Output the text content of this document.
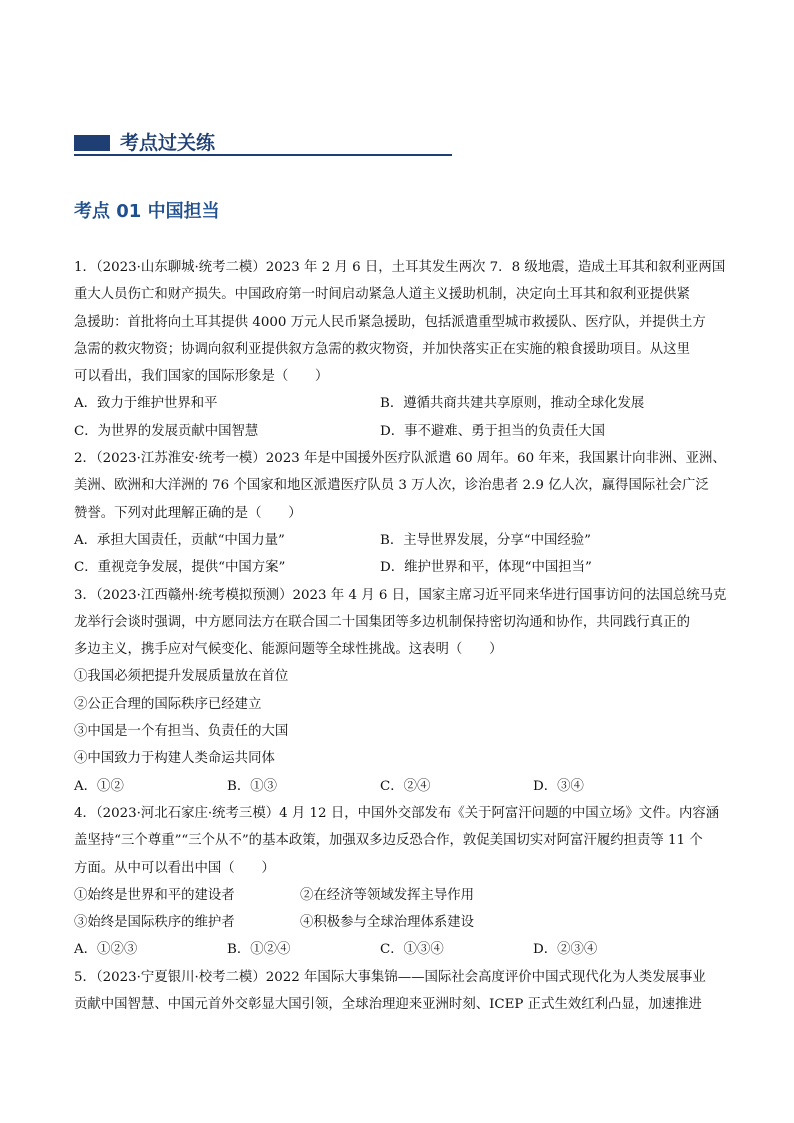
考点过关练
考点 01 中国担当
1．（2023·山东聊城·统考二模）2023 年 2 月 6 日，土耳其发生两次 7．8 级地震，造成土耳其和叙利亚两国
重大人员伤亡和财产损失。中国政府第一时间启动紧急人道主义援助机制，决定向土耳其和叙利亚提供紧
急援助：首批将向土耳其提供 4000 万元人民币紧急援助，包括派遣重型城市救援队、医疗队，并提供土方
急需的救灾物资；协调向叙利亚提供叙方急需的救灾物资，并加快落实正在实施的粮食援助项目。从这里
可以看出，我们国家的国际形象是（　　）
A．致力于维护世界和平	B．遵循共商共建共享原则，推动全球化发展
C．为世界的发展贡献中国智慧	D．事不避难、勇于担当的负责任大国
2．（2023·江苏淮安·统考一模）2023 年是中国援外医疗队派遣 60 周年。60 年来，我国累计向非洲、亚洲、
美洲、欧洲和大洋洲的 76 个国家和地区派遣医疗队员 3 万人次，诊治患者 2.9 亿人次，赢得国际社会广泛
赞誉。下列对此理解正确的是（　　）
A．承担大国责任，贡献“中国力量”	B．主导世界发展，分享“中国经验”
C．重视竞争发展，提供“中国方案”	D．维护世界和平，体现“中国担当”
3．（2023·江西赣州·统考模拟预测）2023 年 4 月 6 日，国家主席习近平同来华进行国事访问的法国总统马克
龙举行会谈时强调，中方愿同法方在联合国二十国集团等多边机制保持密切沟通和协作，共同践行真正的
多边主义，携手应对气候变化、能源问题等全球性挑战。这表明（　　）
①我国必须把提升发展质量放在首位
②公正合理的国际秩序已经建立
③中国是一个有担当、负责任的大国
④中国致力于构建人类命运共同体
A．①②	B．①③	C．②④	D．③④
4．（2023·河北石家庄·统考三模）4 月 12 日，中国外交部发布《关于阿富汗问题的中国立场》文件。内容涵
盖坚持“三个尊重”“三个从不”的基本政策，加强双多边反恐合作，敦促美国切实对阿富汗履约担责等 11 个
方面。从中可以看出中国（　　）
①始终是世界和平的建设者	②在经济等领域发挥主导作用
③始终是国际秩序的维护者	④积极参与全球治理体系建设
A．①②③	B．①②④	C．①③④	D．②③④
5．（2023·宁夏银川·校考二模）2022 年国际大事集锦——国际社会高度评价中国式现代化为人类发展事业
贡献中国智慧、中国元首外交彰显大国引领，全球治理迎来亚洲时刻、ICEP 正式生效红利凸显，加速推进
